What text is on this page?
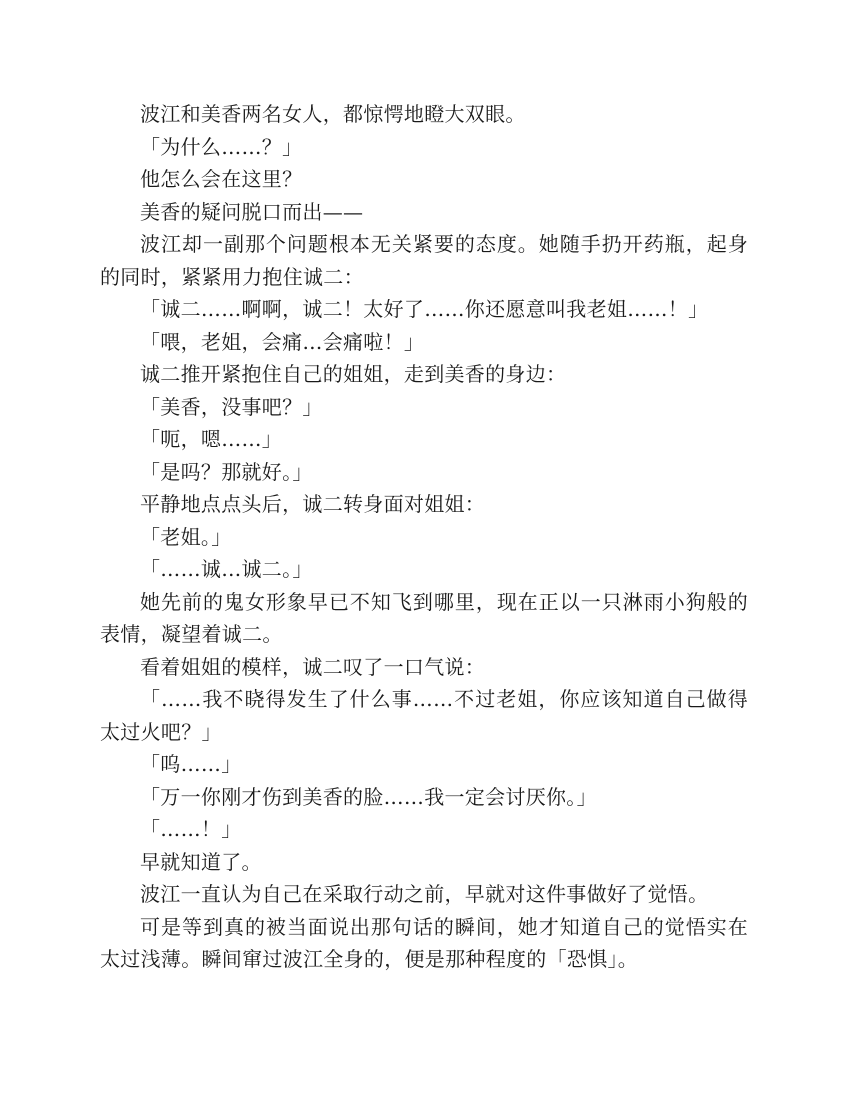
波江和美香两名女人，都惊愕地瞪大双眼。

「为什么……？」

他怎么会在这里？

美香的疑问脱口而出——

波江却一副那个问题根本无关紧要的态度。她随手扔开药瓶，起身的同时，紧紧用力抱住诚二：

「诚二……啊啊，诚二！太好了……你还愿意叫我老姐……！」

「喂，老姐，会痛…会痛啦！」

诚二推开紧抱住自己的姐姐，走到美香的身边：

「美香，没事吧？」

「呃，嗯……」

「是吗？那就好。」

平静地点点头后，诚二转身面对姐姐：

「老姐。」

「……诚…诚二。」

她先前的鬼女形象早已不知飞到哪里，现在正以一只淋雨小狗般的表情，凝望着诚二。

看着姐姐的模样，诚二叹了一口气说：

「……我不晓得发生了什么事……不过老姐，你应该知道自己做得太过火吧？」

「呜……」

「万一你刚才伤到美香的脸……我一定会讨厌你。」

「……！」

早就知道了。

波江一直认为自己在采取行动之前，早就对这件事做好了觉悟。

可是等到真的被当面说出那句话的瞬间，她才知道自己的觉悟实在太过浅薄。瞬间窜过波江全身的，便是那种程度的「恐惧」。
